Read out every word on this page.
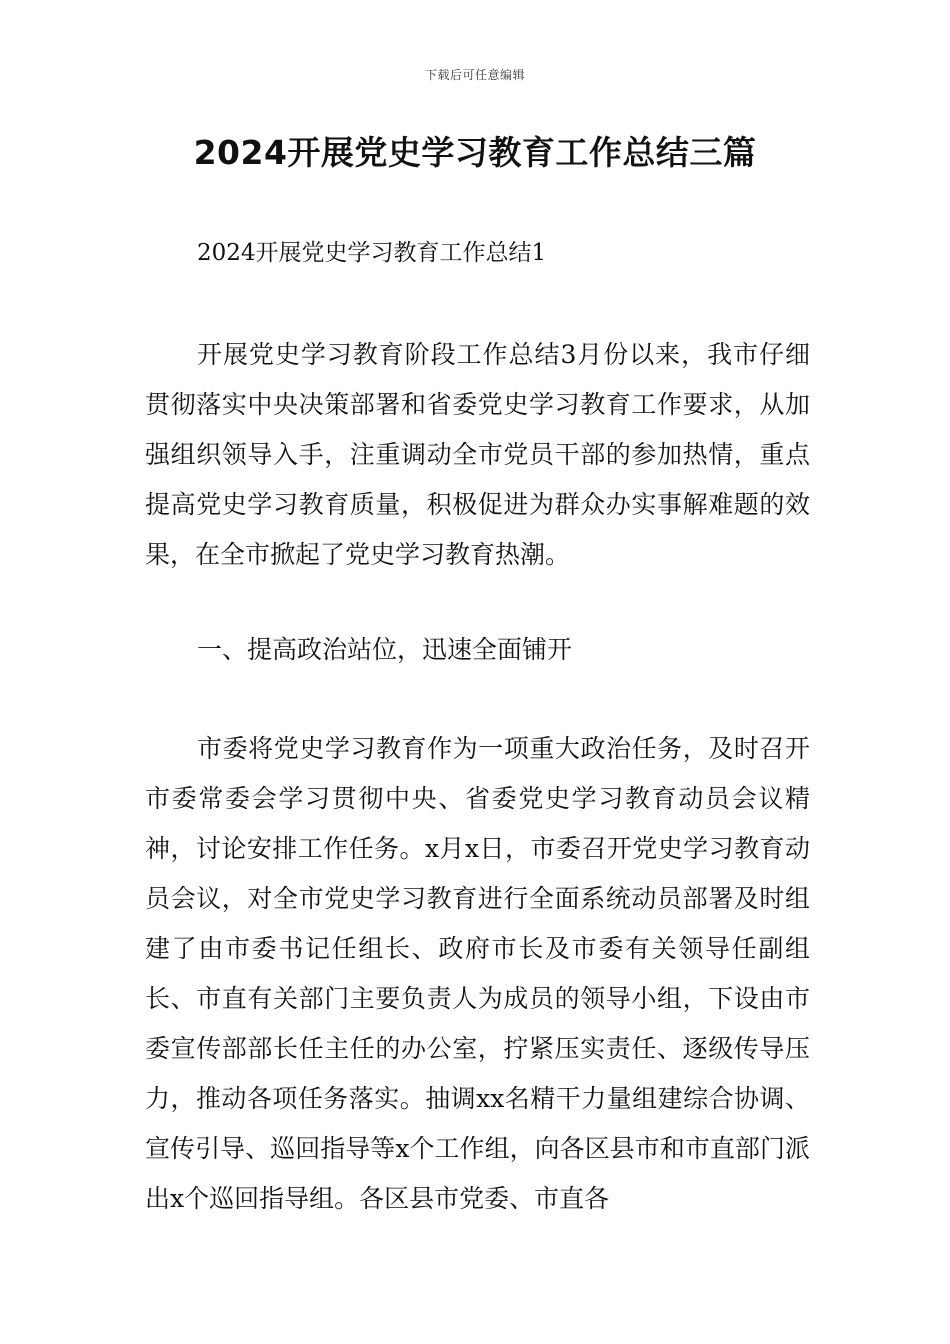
下载后可任意编辑
2024开展党史学习教育工作总结三篇

2024开展党史学习教育工作总结1

开展党史学习教育阶段工作总结3月份以来，我市仔细贯彻落实中央决策部署和省委党史学习教育工作要求，从加强组织领导入手，注重调动全市党员干部的参加热情，重点提高党史学习教育质量，积极促进为群众办实事解难题的效果，在全市掀起了党史学习教育热潮。

一、提高政治站位，迅速全面铺开

市委将党史学习教育作为一项重大政治任务，及时召开市委常委会学习贯彻中央、省委党史学习教育动员会议精神，讨论安排工作任务。x月x日，市委召开党史学习教育动员会议，对全市党史学习教育进行全面系统动员部署及时组建了由市委书记任组长、政府市长及市委有关领导任副组长、市直有关部门主要负责人为成员的领导小组，下设由市委宣传部部长任主任的办公室，拧紧压实责任、逐级传导压力，推动各项任务落实。抽调xx名精干力量组建综合协调、宣传引导、巡回指导等x个工作组，向各区县市和市直部门派出x个巡回指导组。各区县市党委、市直各
